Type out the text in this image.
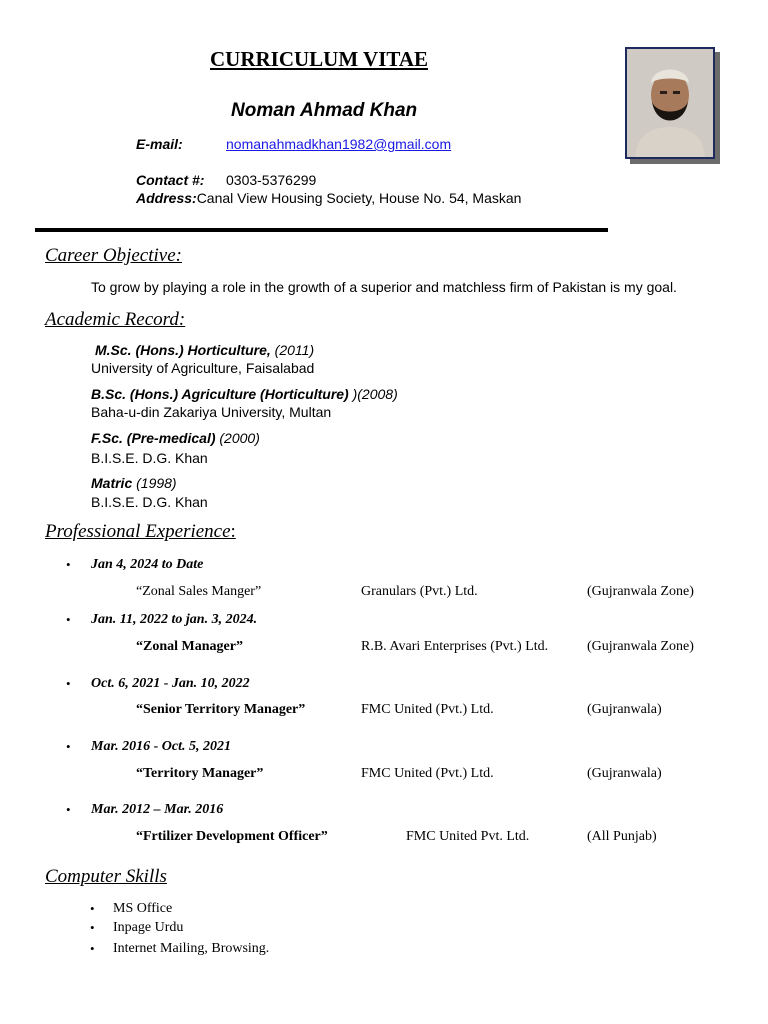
CURRICULUM VITAE
Noman Ahmad Khan
E-mail:	nomanahmadkhan1982@gmail.com
Contact #: 0303-5376299
Address:Canal View Housing Society, House No. 54, Maskan
Career Objective:
To grow by playing a role in the growth of a superior and matchless firm of Pakistan is my goal.
Academic Record:
M.Sc. (Hons.) Horticulture, (2011)
University of Agriculture, Faisalabad
B.Sc. (Hons.) Agriculture (Horticulture) )(2008)
Baha-u-din Zakariya University, Multan
F.Sc. (Pre-medical) (2000)
B.I.S.E. D.G. Khan
Matric (1998)
B.I.S.E. D.G. Khan
Professional Experience:
• Jan 4, 2024 to Date
“Zonal Sales Manger”	Granulars (Pvt.) Ltd.	(Gujranwala Zone)
• Jan. 11, 2022 to jan. 3, 2024.
“Zonal Manager”	R.B. Avari Enterprises (Pvt.) Ltd.	(Gujranwala Zone)
• Oct. 6, 2021 - Jan. 10, 2022
“Senior Territory Manager”	FMC United (Pvt.) Ltd.	(Gujranwala)
• Mar. 2016 - Oct. 5, 2021
“Territory Manager”	FMC United (Pvt.) Ltd.	(Gujranwala)
• Mar. 2012 – Mar. 2016
“Frtilizer Development Officer”	FMC United Pvt. Ltd.	(All Punjab)
Computer Skills
• MS Office
• Inpage Urdu
• Internet Mailing, Browsing.
